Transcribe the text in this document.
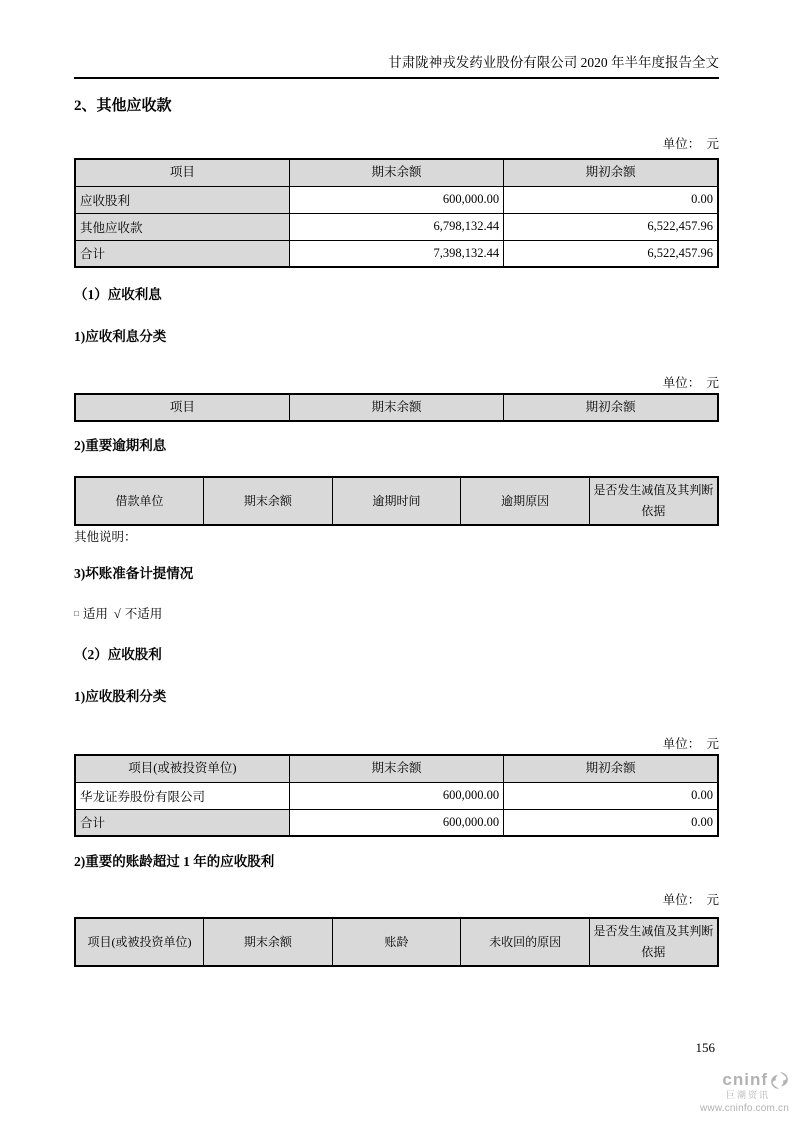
甘肃陇神戎发药业股份有限公司 2020 年半年度报告全文
2、其他应收款
单位：　元
项目	期末余额	期初余额
应收股利	600,000.00	0.00
其他应收款	6,798,132.44	6,522,457.96
合计	7,398,132.44	6,522,457.96
（1）应收利息
1)应收利息分类
单位：　元
项目	期末余额	期初余额
2)重要逾期利息
借款单位	期末余额	逾期时间	逾期原因	是否发生减值及其判断依据
其他说明：
3)坏账准备计提情况
□ 适用 √ 不适用
（2）应收股利
1)应收股利分类
单位：　元
项目(或被投资单位)	期末余额	期初余额
华龙证券股份有限公司	600,000.00	0.00
合计	600,000.00	0.00
2)重要的账龄超过 1 年的应收股利
单位：　元
项目(或被投资单位)	期末余额	账龄	未收回的原因	是否发生减值及其判断依据
156
cninf
巨潮资讯
www.cninfo.com.cn
